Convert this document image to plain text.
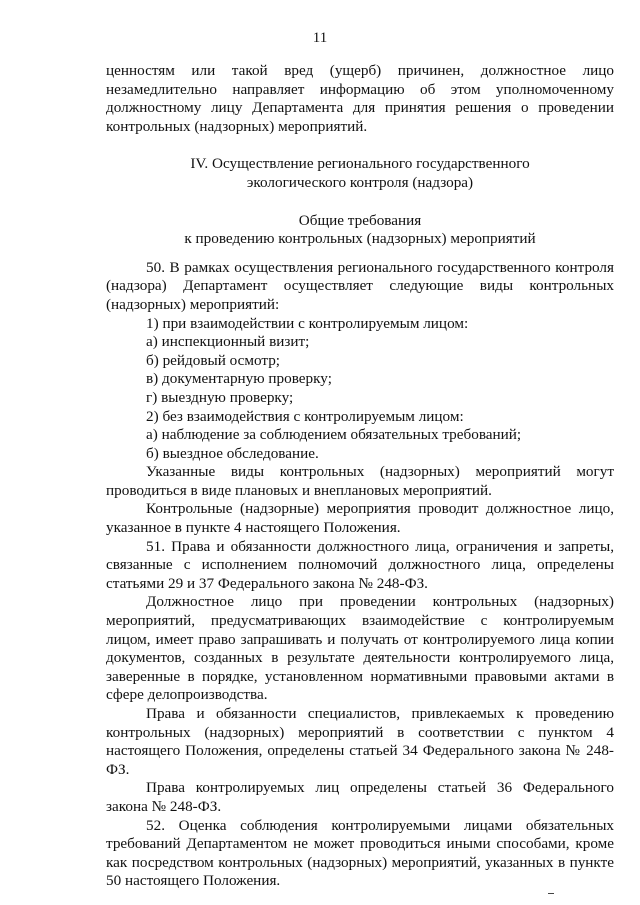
11

ценностям или такой вред (ущерб) причинен, должностное лицо незамедлительно направляет информацию об этом уполномоченному должностному лицу Департамента для принятия решения о проведении контрольных (надзорных) мероприятий.

IV. Осуществление регионального государственного
экологического контроля (надзора)
Общие требования
к проведению контрольных (надзорных) мероприятий

50. В рамках осуществления регионального государственного контроля (надзора) Департамент осуществляет следующие виды контрольных (надзорных) мероприятий:

1) при взаимодействии с контролируемым лицом:

а) инспекционный визит;

б) рейдовый осмотр;

в) документарную проверку;

г) выездную проверку;

2) без взаимодействия с контролируемым лицом:

а) наблюдение за соблюдением обязательных требований;

б) выездное обследование.

Указанные виды контрольных (надзорных) мероприятий могут проводиться в виде плановых и внеплановых мероприятий.

Контрольные (надзорные) мероприятия проводит должностное лицо, указанное в пункте 4 настоящего Положения.

51. Права и обязанности должностного лица, ограничения и запреты, связанные с исполнением полномочий должностного лица, определены статьями 29 и 37 Федерального закона № 248-ФЗ.

Должностное лицо при проведении контрольных (надзорных) мероприятий, предусматривающих взаимодействие с контролируемым лицом, имеет право запрашивать и получать от контролируемого лица копии документов, созданных в результате деятельности контролируемого лица, заверенные в порядке, установленном нормативными правовыми актами в сфере делопроизводства.

Права и обязанности специалистов, привлекаемых к проведению контрольных (надзорных) мероприятий в соответствии с пунктом 4 настоящего Положения, определены статьей 34 Федерального закона № 248-ФЗ.

Права контролируемых лиц определены статьей 36 Федерального закона № 248-ФЗ.

52. Оценка соблюдения контролируемыми лицами обязательных требований Департаментом не может проводиться иными способами, кроме как посредством контрольных (надзорных) мероприятий, указанных в пункте 50 настоящего Положения.
